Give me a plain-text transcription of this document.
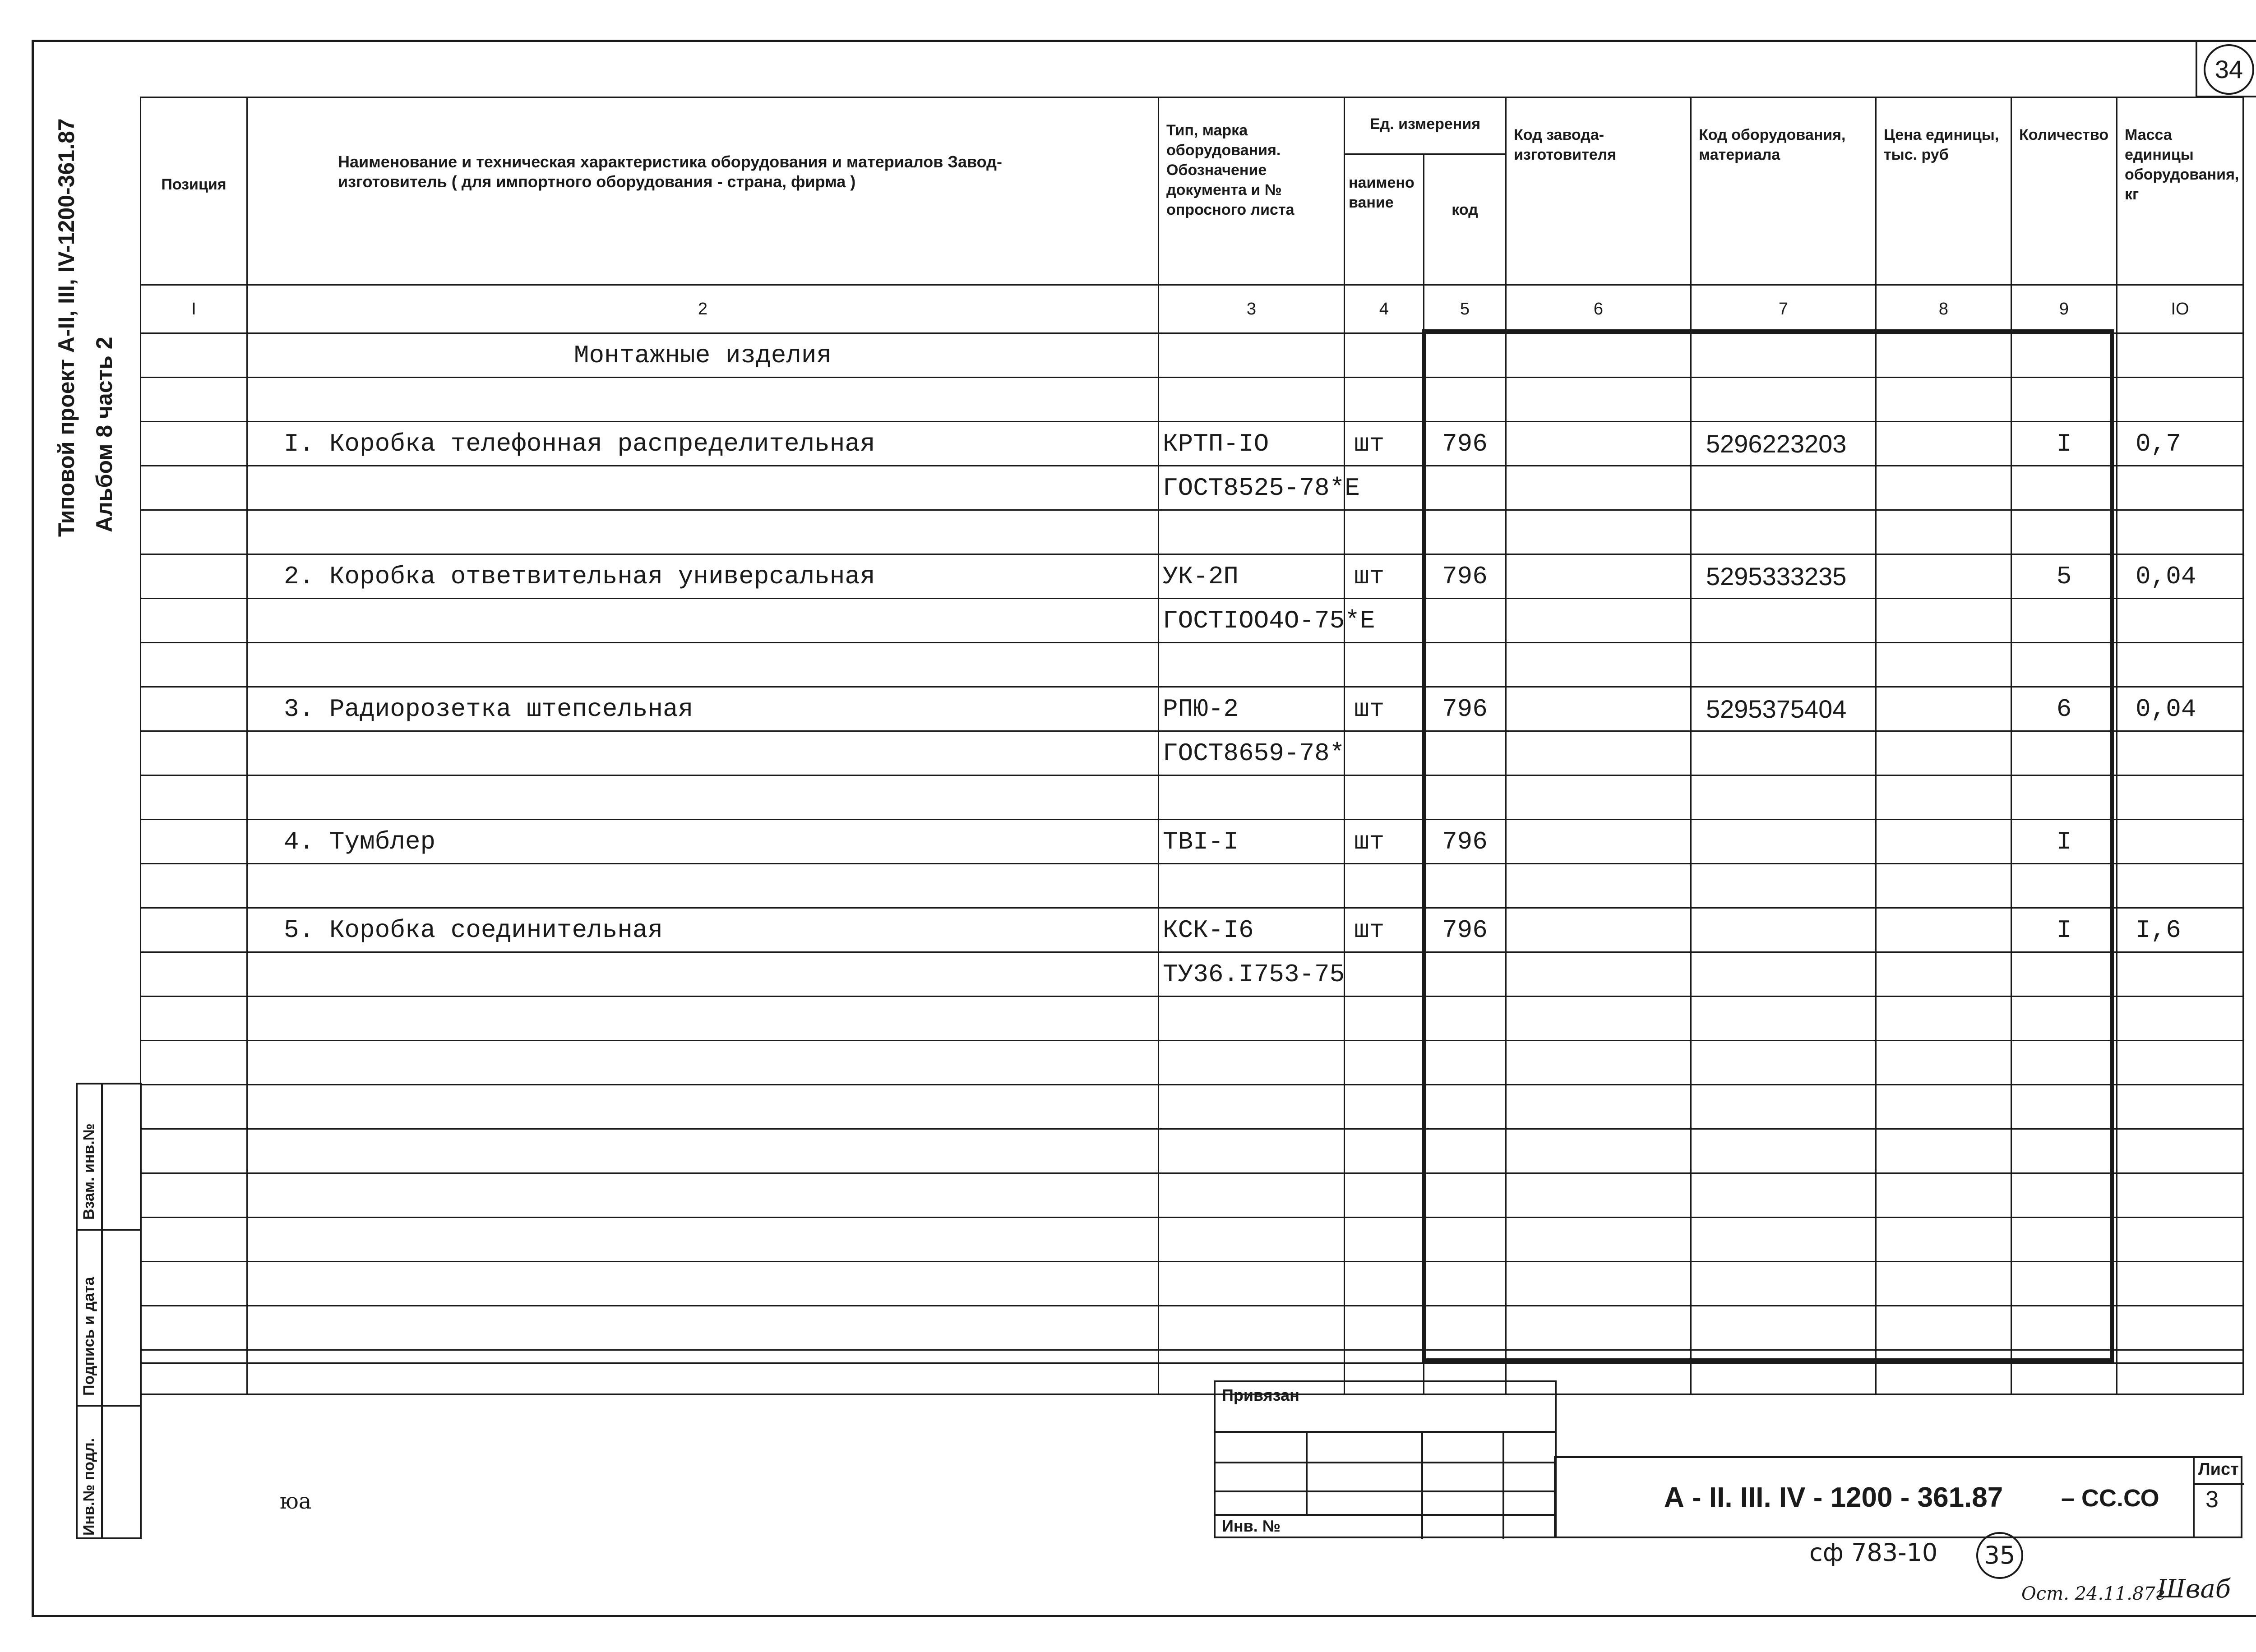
34
Типовой проект А-II, III, IV-1200-361.87 Альбом 8 часть 2
Взам. инв.№
Подпись и дата
Инв.№ подл.
Позиция	Наименование и техническая характеристика оборудования и материалов Завод-изготовитель ( для импортного оборудования - страна, фирма )	Тип, марка оборудования. Обозначение документа и № опросного листа	Ед. измерения		Код завода-изготовителя	Код оборудования, материала	Цена единицы, тыс. руб	Количество	Масса единицы оборудования, кг
			наименование	код					
I	2	3	4	5	6	7	8	9	IO
	Монтажные изделия								

	I. Коробка телефонная распределительная	КРТП-IO	шт	796		5296223203		I	0,7
		ГОСТ8525-78*Е							

	2. Коробка ответвительная универсальная	УК-2П	шт	796		5295333235		5	0,04
		ГОСТIOO4O-75*Е							

	3. Радиорозетка штепсельная	РПЮ-2	шт	796		5295375404		6	0,04
		ГОСТ8659-78*							

	4. Тумблер	ТВI-I	шт	796				I	

	5. Коробка соединительная	КСК-I6	шт	796				I	I,6
		ТУ36.I753-75							

юа
Привязан
Инв. №
Лист
3
А - II. III. IV - 1200 - 361.87 – СС.СО
сф 783-10	35
Ост. 24.11.87г
Шваб
